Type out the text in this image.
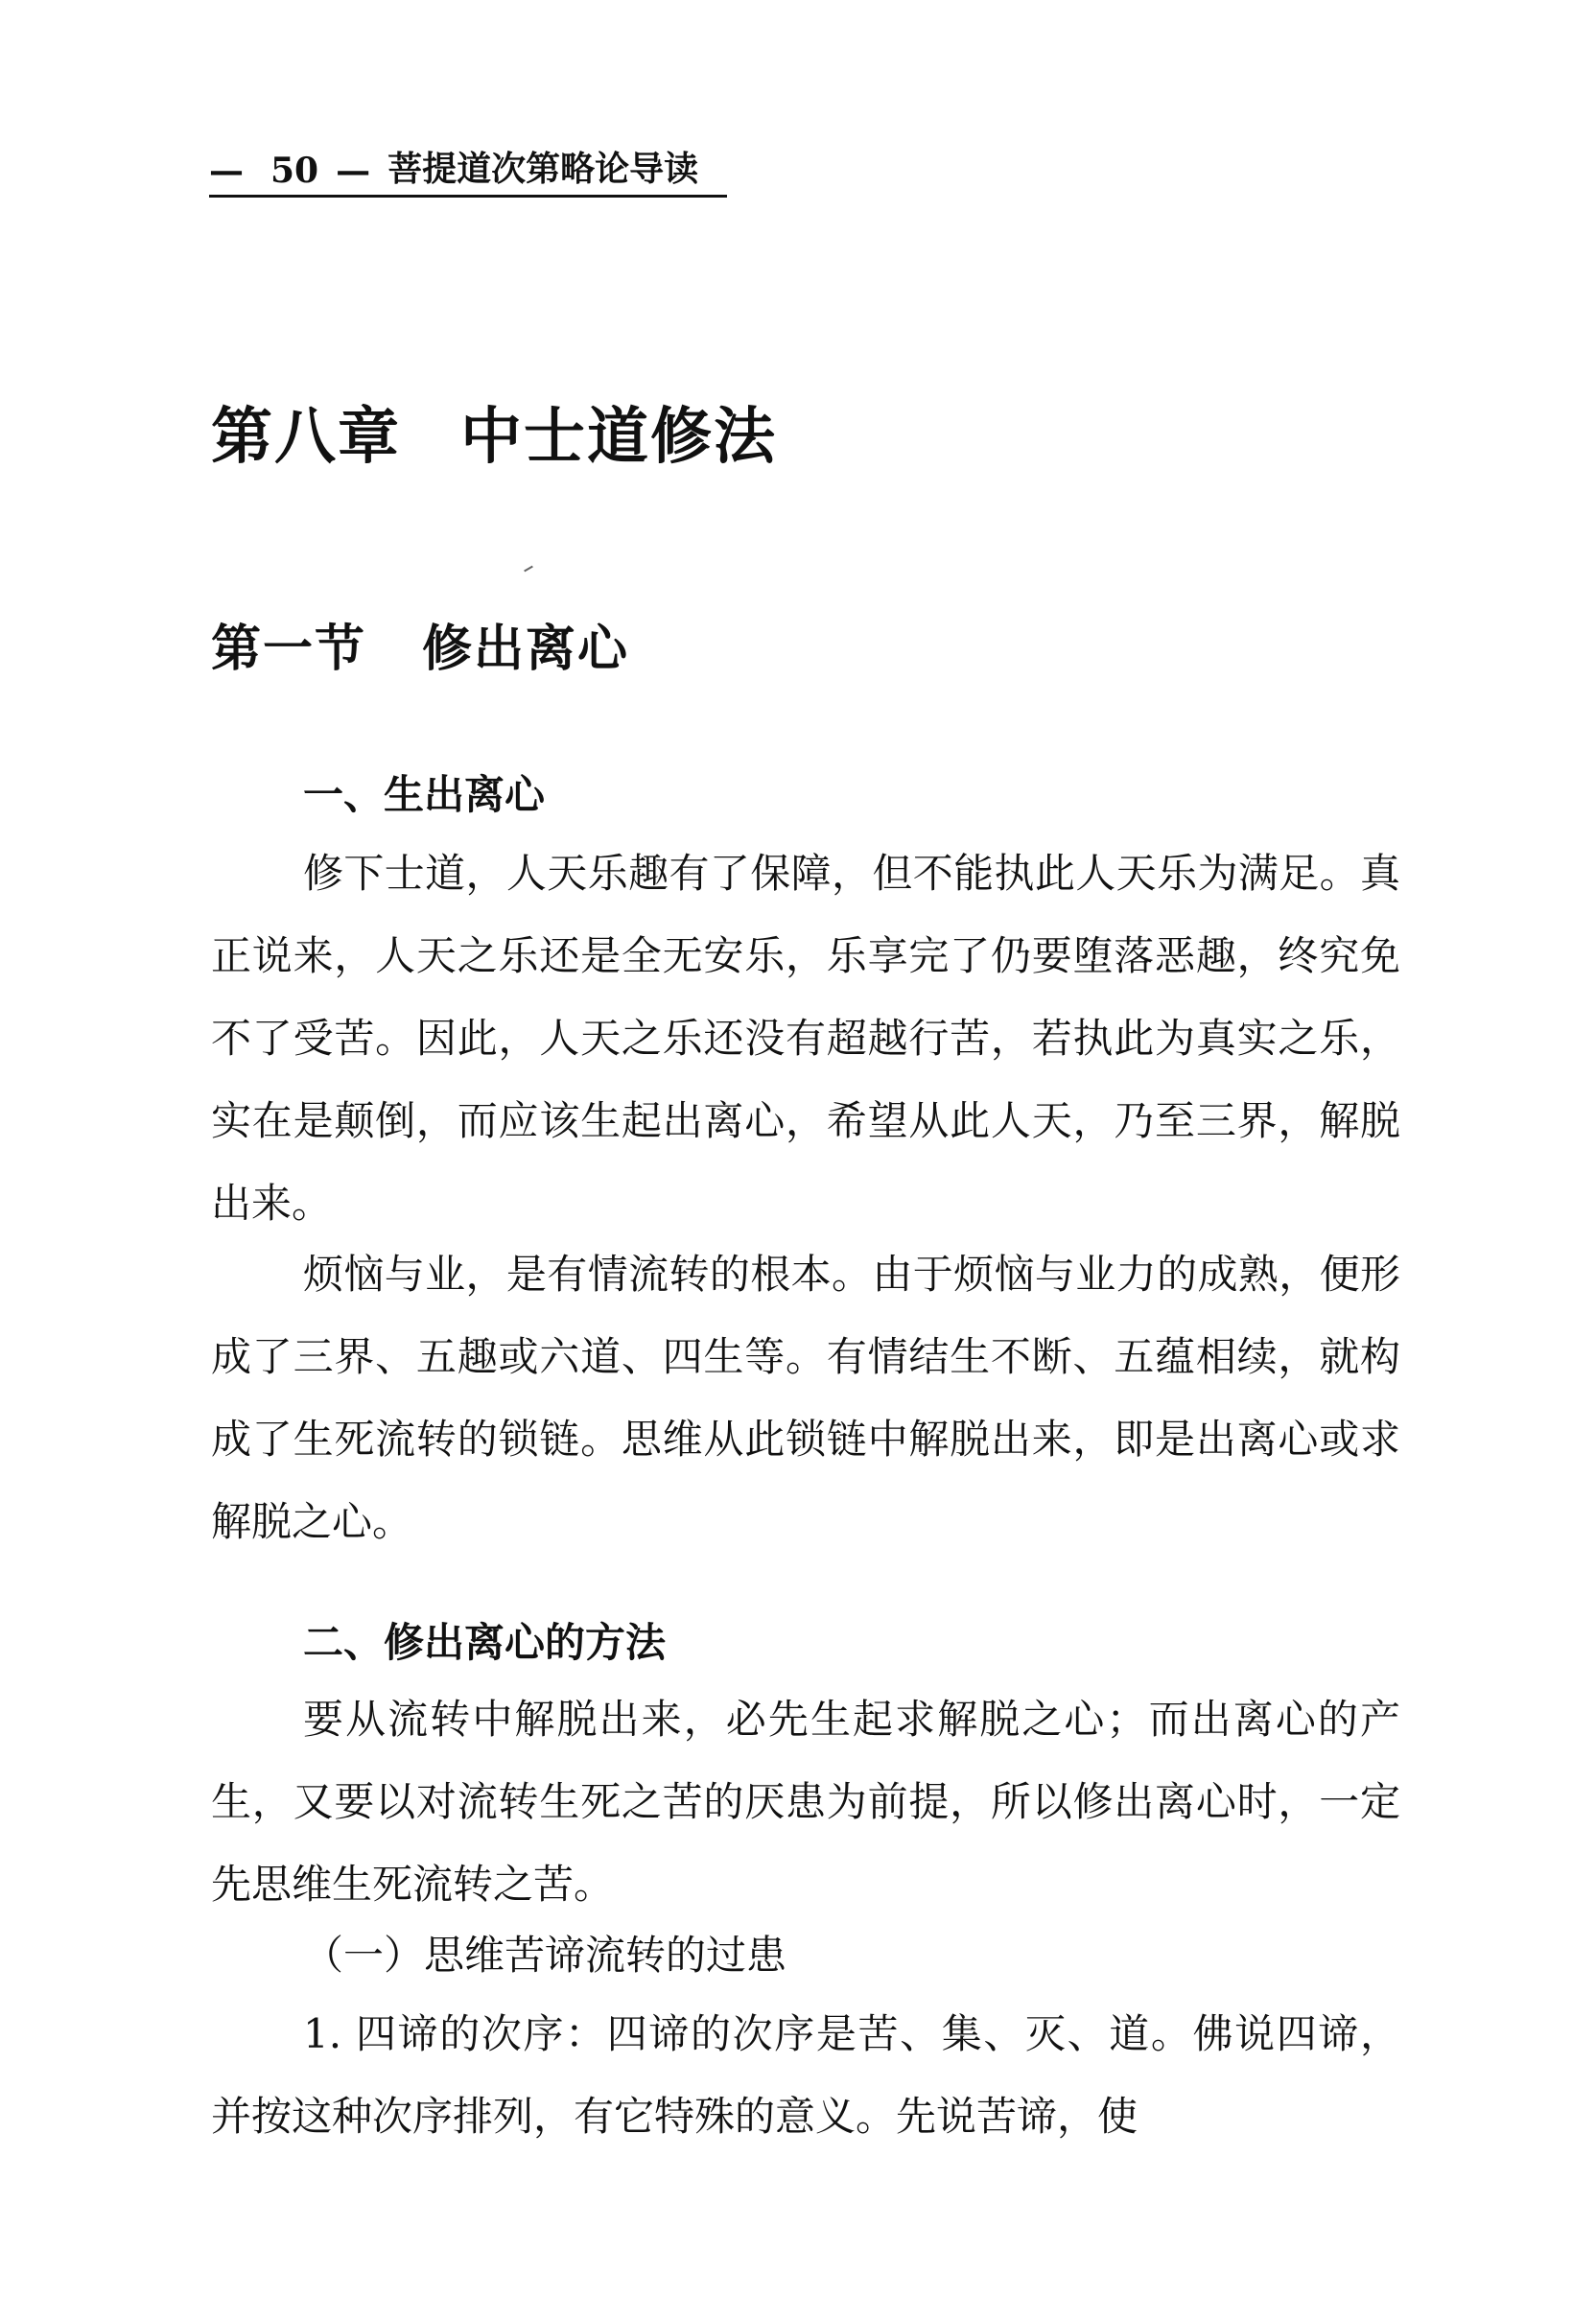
— 50 — 菩提道次第略论导读
第八章 中士道修法
第一节 修出离心
一、生出离心

修下士道，人天乐趣有了保障，但不能执此人天乐为满足。真正说来，人天之乐还是全无安乐，乐享完了仍要堕落恶趣，终究免不了受苦。因此，人天之乐还没有超越行苦，若执此为真实之乐，实在是颠倒，而应该生起出离心，希望从此人天，乃至三界，解脱出来。

烦恼与业，是有情流转的根本。由于烦恼与业力的成熟，便形成了三界、五趣或六道、四生等。有情结生不断、五蕴相续，就构成了生死流转的锁链。思维从此锁链中解脱出来，即是出离心或求解脱之心。

二、修出离心的方法

要从流转中解脱出来，必先生起求解脱之心；而出离心的产生，又要以对流转生死之苦的厌患为前提，所以修出离心时，一定先思维生死流转之苦。

（一）思维苦谛流转的过患

1. 四谛的次序：四谛的次序是苦、集、灭、道。佛说四谛，并按这种次序排列，有它特殊的意义。先说苦谛，使
